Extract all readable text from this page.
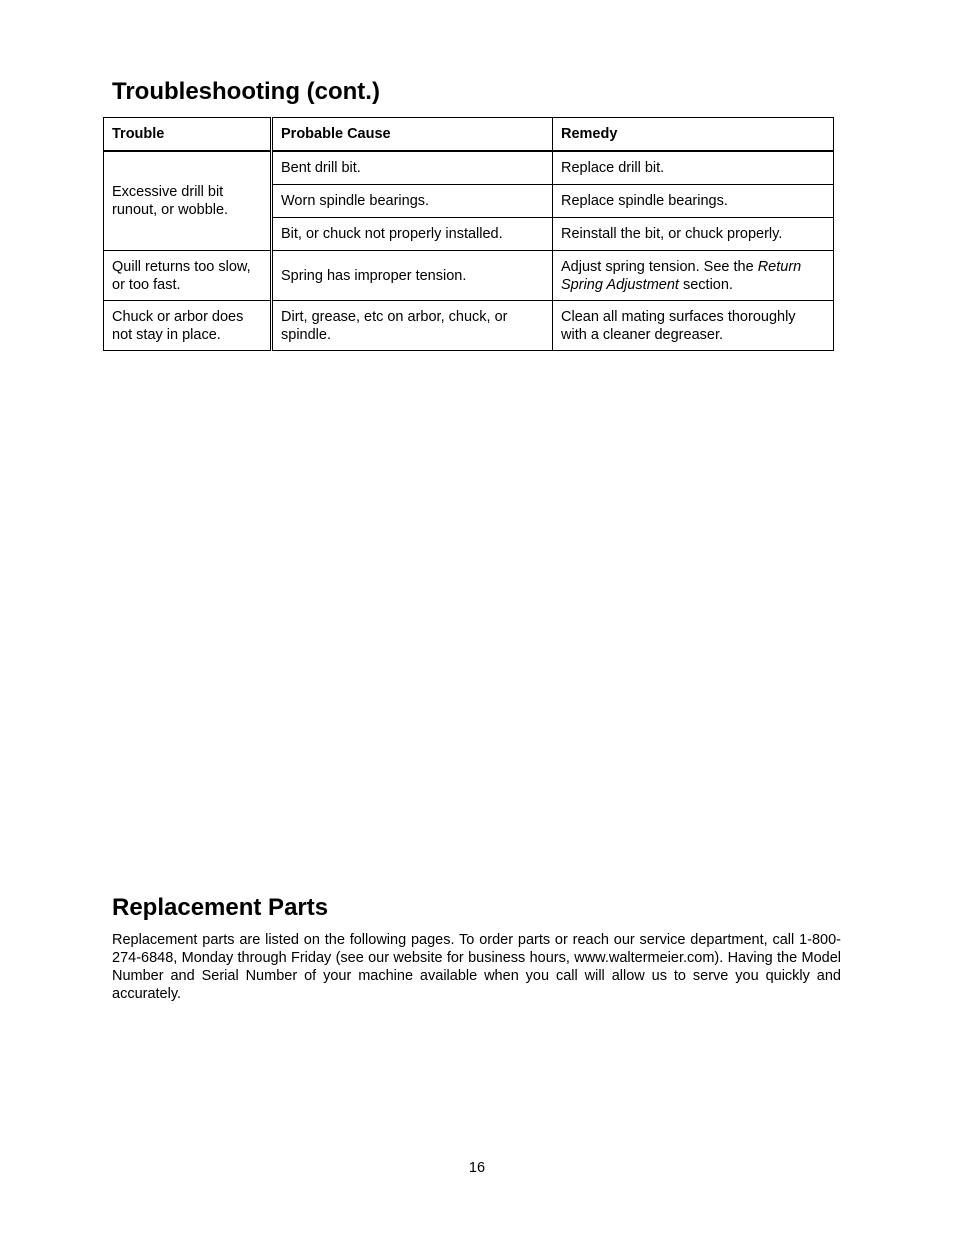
Troubleshooting (cont.)
Trouble	Probable Cause	Remedy
Excessive drill bit runout, or wobble.	Bent drill bit.	Replace drill bit.
	Worn spindle bearings.	Replace spindle bearings.
	Bit, or chuck not properly installed.	Reinstall the bit, or chuck properly.
Quill returns too slow, or too fast.	Spring has improper tension.	Adjust spring tension. See the Return Spring Adjustment section.
Chuck or arbor does not stay in place.	Dirt, grease, etc on arbor, chuck, or spindle.	Clean all mating surfaces thoroughly with a cleaner degreaser.
Replacement Parts

Replacement parts are listed on the following pages. To order parts or reach our service department, call 1-800-274-6848, Monday through Friday (see our website for business hours, www.waltermeier.com). Having the Model Number and Serial Number of your machine available when you call will allow us to serve you quickly and accurately.

16
